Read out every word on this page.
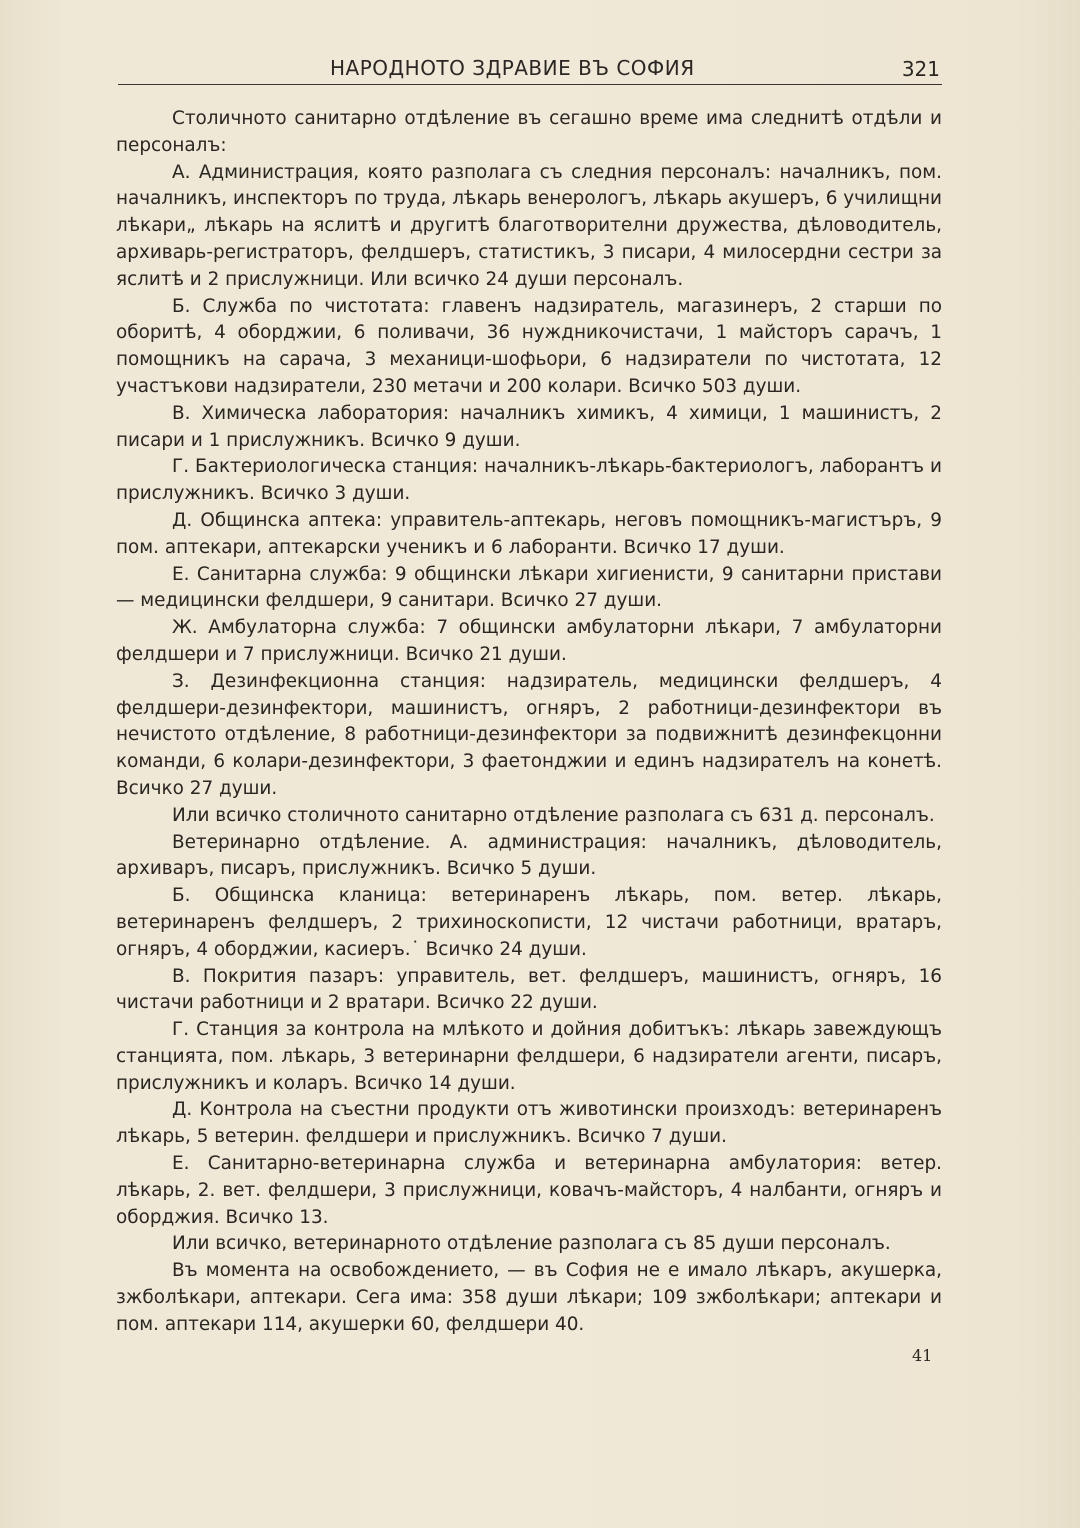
НАРОДНОТО ЗДРАВИЕ ВЪ СОФИЯ	321

Столичното санитарно отдѣление въ сегашно време има следнитѣ отдѣли и персоналъ:

А. Администрация, която разполага съ следния персоналъ: началникъ, пом. началникъ, инспекторъ по труда, лѣкарь венерологъ, лѣкарь акушеръ, 6 училищни лѣкари„ лѣкарь на яслитѣ и другитѣ благотворителни дружества, дѣловодитель, архиварь-регистраторъ, фелдшеръ, статистикъ, 3 писари, 4 милосердни сестри за яслитѣ и 2 прислужници. Или всичко 24 души персоналъ.

Б. Служба по чистотата: главенъ надзиратель, магазинеръ, 2 старши по оборитѣ, 4 оборджии, 6 поливачи, 36 нуждникочистачи, 1 майсторъ сарачъ, 1 помощникъ на сарача, 3 механици-шофьори, 6 надзиратели по чистотата, 12 участъкови надзиратели, 230 метачи и 200 колари. Всичко 503 души.

В. Химическа лаборатория: началникъ химикъ, 4 химици, 1 машинистъ, 2 писари и 1 прислужникъ. Всичко 9 души.

Г. Бактериологическа станция: началникъ-лѣкарь-бактериологъ, лаборантъ и прислужникъ. Всичко 3 души.

Д. Общинска аптека: управитель-аптекарь, неговъ помощникъ-магистъръ, 9 пом. аптекари, аптекарски ученикъ и 6 лаборанти. Всичко 17 души.

Е. Санитарна служба: 9 общински лѣкари хигиенисти, 9 санитарни пристави — медицински фелдшери, 9 санитари. Всичко 27 души.

Ж. Амбулаторна служба: 7 общински амбулаторни лѣкари, 7 амбулаторни фелдшери и 7 прислужници. Всичко 21 души.

З. Дезинфекционна станция: надзиратель, медицински фелдшеръ, 4 фелдшери-дезинфектори, машинистъ, огняръ, 2 работници-дезинфектори въ нечистото отдѣление, 8 работници-дезинфектори за подвижнитѣ дезинфекцонни команди, 6 колари-дезинфектори, 3 фаетонджии и единъ надзирателъ на конетѣ. Всичко 27 души.

Или всичко столичното санитарно отдѣление разполага съ 631 д. персоналъ.

Ветеринарно отдѣление. А. администрация: началникъ, дѣловодитель, архиваръ, писаръ, прислужникъ. Всичко 5 души.

Б. Общинска кланица: ветеринаренъ лѣкарь, пом. ветер. лѣкарь, ветеринаренъ фелдшеръ, 2 трихиноскописти, 12 чистачи работници, вратаръ, огняръ, 4 оборджии, касиеръ.˙ Всичко 24 души.

В. Покрития пазаръ: управитель, вет. фелдшеръ, машинистъ, огняръ, 16 чистачи работници и 2 вратари. Всичко 22 души.

Г. Станция за контрола на млѣкото и дойния добитъкъ: лѣкарь завеждующъ станцията, пом. лѣкарь, 3 ветеринарни фелдшери, 6 надзиратели агенти, писаръ, прислужникъ и коларъ. Всичко 14 души.

Д. Контрола на съестни продукти отъ животински произходъ: ветеринаренъ лѣкарь, 5 ветерин. фелдшери и прислужникъ. Всичко 7 души.

Е. Санитарно-ветеринарна служба и ветеринарна амбулатория: ветер. лѣкарь, 2. вет. фелдшери, 3 прислужници, ковачъ-майсторъ, 4 налбанти, огняръ и оборджия. Всичко 13.

Или всичко, ветеринарното отдѣление разполага съ 85 души персоналъ.

Въ момента на освобождението, — въ София не е имало лѣкаръ, акушерка, зжболѣкари, аптекари. Сега има: 358 души лѣкари; 109 зжболѣкари; аптекари и пом. аптекари 114, акушерки 60, фелдшери 40.

41
